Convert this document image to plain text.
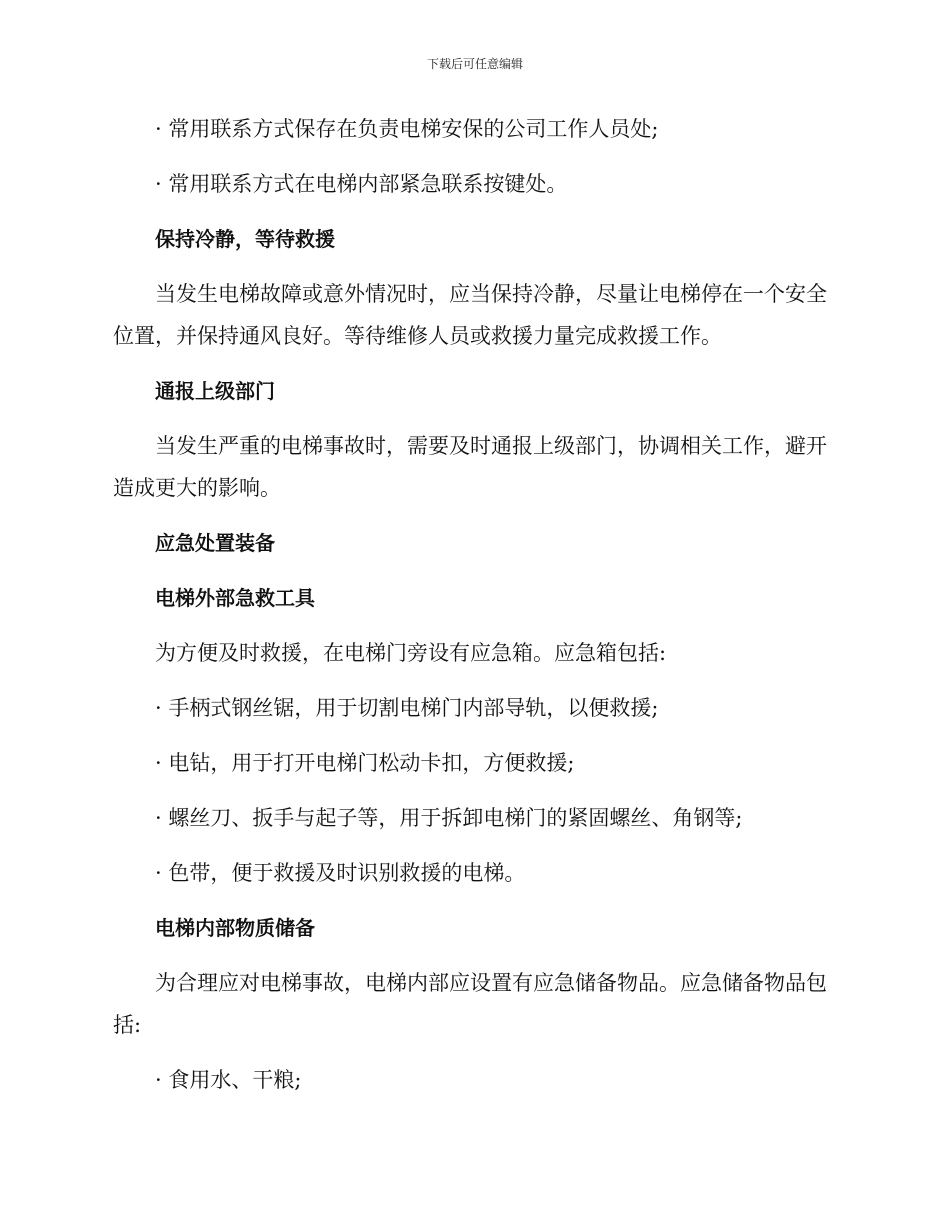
下载后可任意编辑
· 常用联系方式保存在负责电梯安保的公司工作人员处;
· 常用联系方式在电梯内部紧急联系按键处。
保持冷静，等待救援
当发生电梯故障或意外情况时，应当保持冷静，尽量让电梯停在一个安全位置，并保持通风良好。等待维修人员或救援力量完成救援工作。
通报上级部门
当发生严重的电梯事故时，需要及时通报上级部门，协调相关工作，避开造成更大的影响。
应急处置装备
电梯外部急救工具
为方便及时救援，在电梯门旁设有应急箱。应急箱包括:
· 手柄式钢丝锯，用于切割电梯门内部导轨，以便救援;
· 电钻，用于打开电梯门松动卡扣，方便救援;
· 螺丝刀、扳手与起子等，用于拆卸电梯门的紧固螺丝、角钢等;
· 色带，便于救援及时识别救援的电梯。
电梯内部物质储备
为合理应对电梯事故，电梯内部应设置有应急储备物品。应急储备物品包括:
· 食用水、干粮;
